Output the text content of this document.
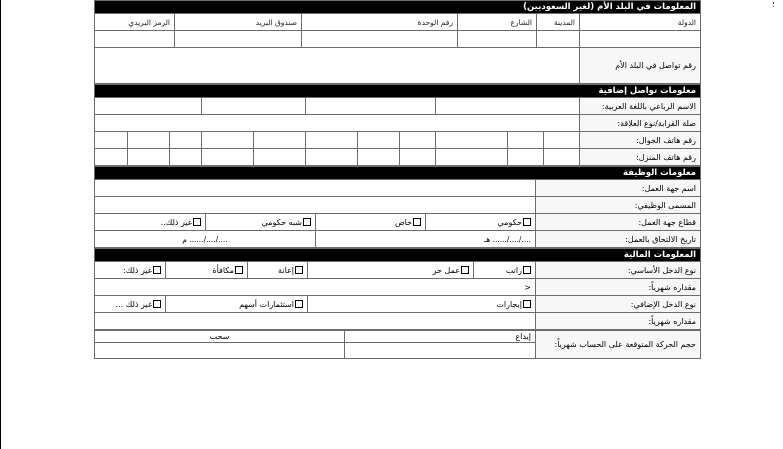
؛
المعلومات في البلد الأم (لغير السعوديين)					
الدولة	المدينة	الشارع	رقم الوحدة	صندوق البريد	الرمز البريدي

رقم تواصل في البلد الأم					
معلومات تواصل إضافية											
الاسم الرباعي باللغة العربية:											
صلة القرابة/نوع العلاقة:											
رقم هاتف الجوال:											
رقم هاتف المنزل:											
معلومات الوظيفة				
اسم جهة العمل:				
المسمى الوظيفي:				
قطاع جهة العمل:	حكومي	خاص	شبه حكومي	غير ذلك..
تاريخ الالتحاق بالعمل:	..../..../...... هـ		..../..../...... م	
المعلومات المالية					
نوع الدخل الأساسي:	راتب	عمل حر	إعانة	مكافأة	غير ذلك:
مقداره شهرياً:	<				
نوع الدخل الإضافي:	إيجارات		استثمارات أسهم		غير ذلك ...
مقداره شهرياً:					
حجم الحركة المتوقعة على الحساب شهرياً:	إيداع	سحب
